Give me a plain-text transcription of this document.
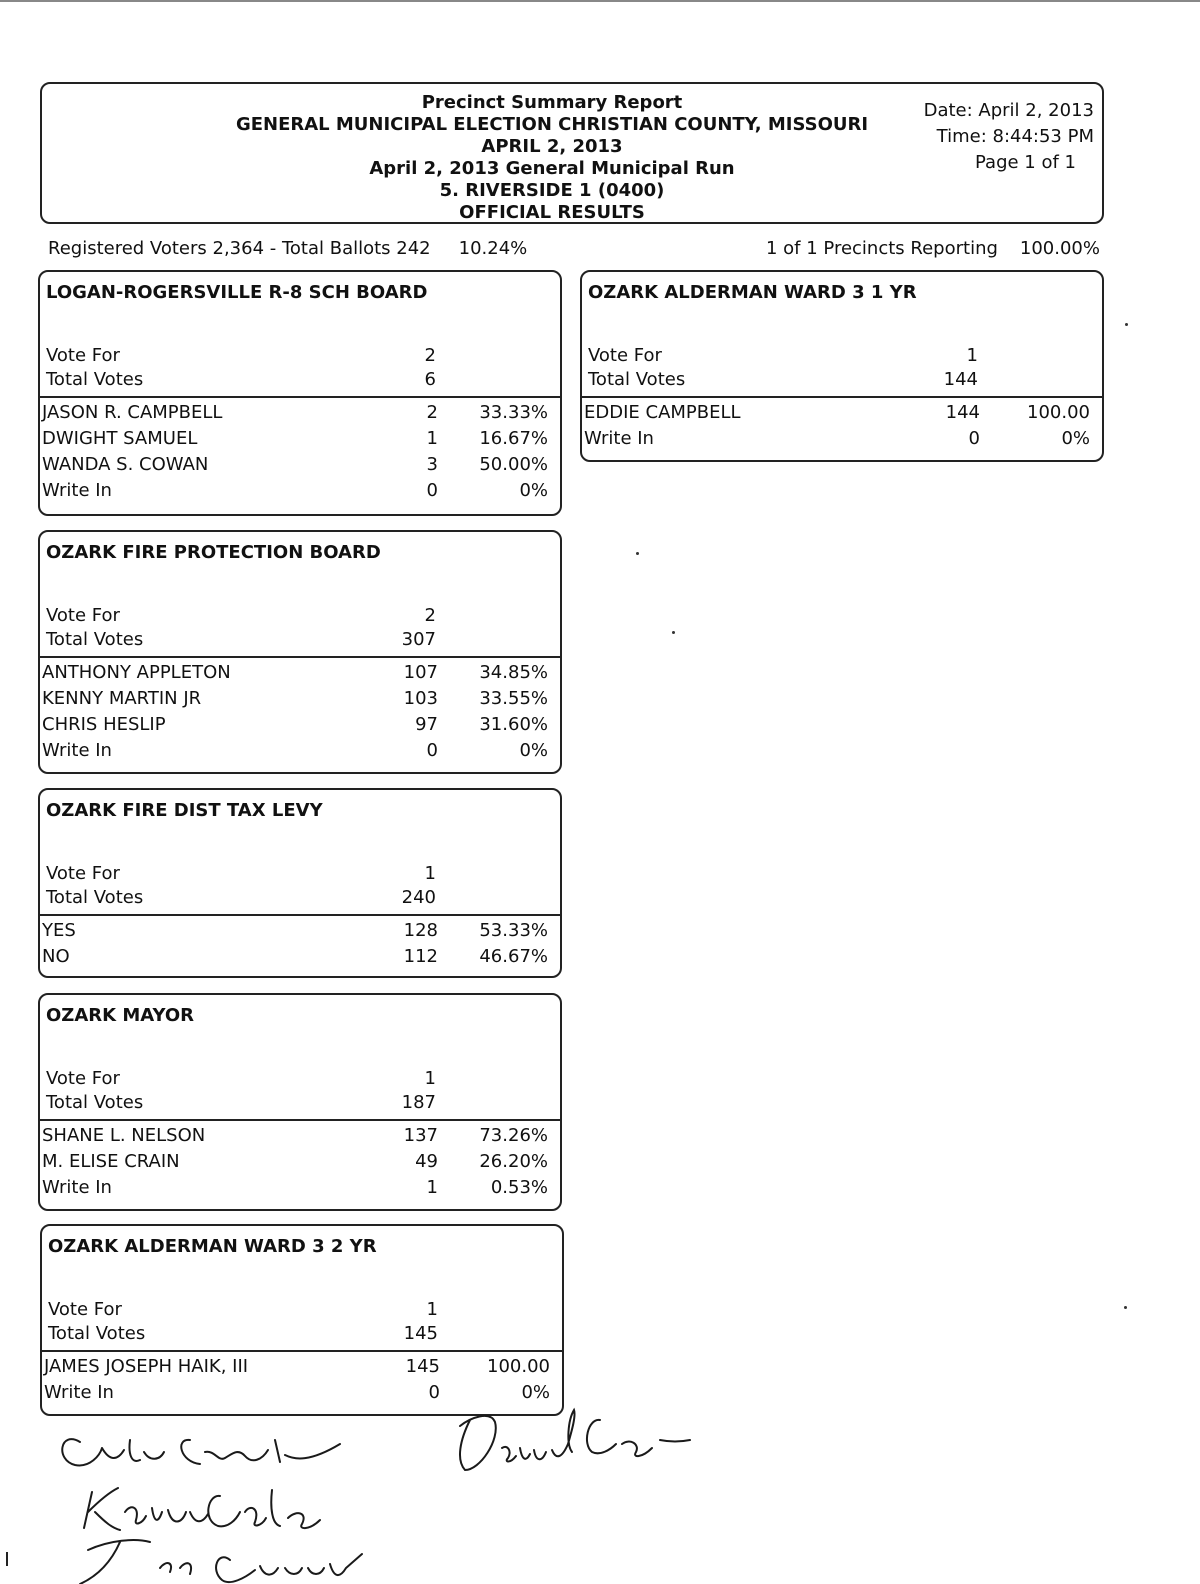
Precinct Summary Report
GENERAL MUNICIPAL ELECTION CHRISTIAN COUNTY, MISSOURI
APRIL 2, 2013
April 2, 2013 General Municipal Run
5. RIVERSIDE 1 (0400)
OFFICIAL RESULTS
Date: April 2, 2013
Time: 8:44:53 PM
Page 1 of 1
Registered Voters 2,364 - Total Ballots 242 10.24%	1 of 1 Precincts Reporting 100.00%
LOGAN-ROGERSVILLE R-8 SCH BOARD
Vote For	2
Total Votes	6
JASON R. CAMPBELL	2	33.33%
DWIGHT SAMUEL	1	16.67%
WANDA S. COWAN	3	50.00%
Write In	0	0%
OZARK FIRE PROTECTION BOARD
Vote For	2
Total Votes	307
ANTHONY APPLETON	107	34.85%
KENNY MARTIN JR	103	33.55%
CHRIS HESLIP	97	31.60%
Write In	0	0%
OZARK FIRE DIST TAX LEVY
Vote For	1
Total Votes	240
YES	128	53.33%
NO	112	46.67%
OZARK MAYOR
Vote For	1
Total Votes	187
SHANE L. NELSON	137	73.26%
M. ELISE CRAIN	49	26.20%
Write In	1	0.53%
OZARK ALDERMAN WARD 3 2 YR
Vote For	1
Total Votes	145
JAMES JOSEPH HAIK, III	145	100.00
Write In	0	0%
OZARK ALDERMAN WARD 3 1 YR
Vote For	1
Total Votes	144
EDDIE CAMPBELL	144	100.00
Write In	0	0%
